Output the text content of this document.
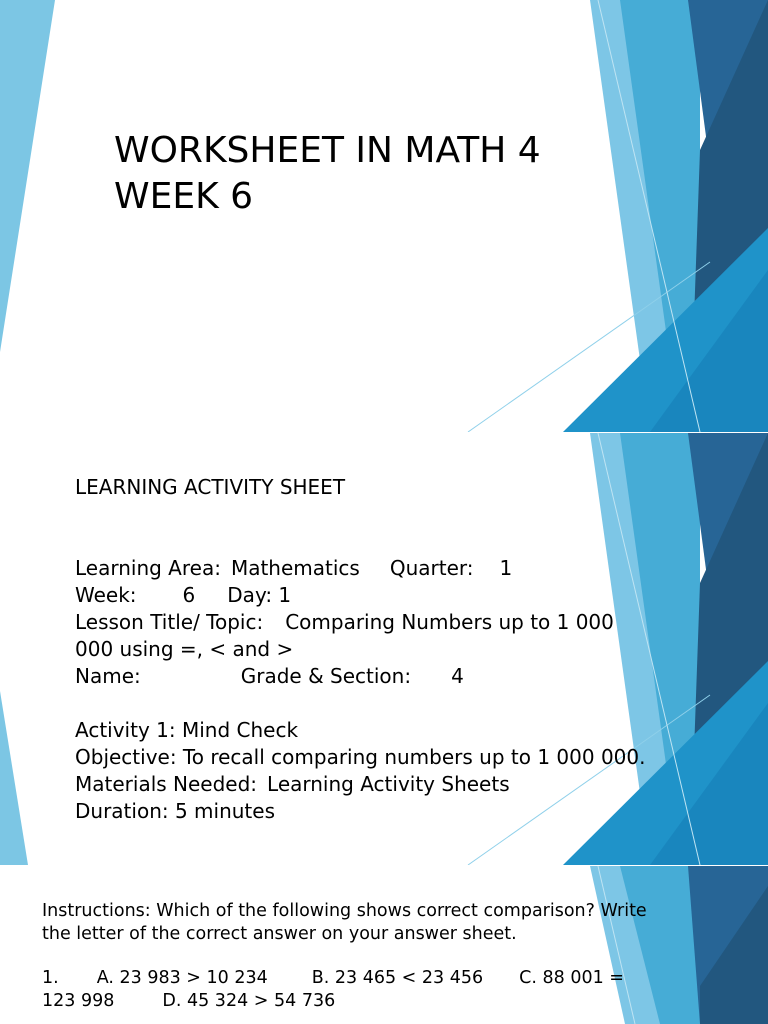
WORKSHEET IN MATH 4
WEEK 6
LEARNING ACTIVITY SHEET
Learning Area: Mathematics Quarter: 1
Week: 6 Day: 1
Lesson Title/ Topic: Comparing Numbers up to 1 000
000 using =, < and >
Name:	Grade & Section: 4
Activity 1: Mind Check
Objective: To recall comparing numbers up to 1 000 000.
Materials Needed: Learning Activity Sheets
Duration: 5 minutes
Instructions: Which of the following shows correct comparison? Write
the letter of the correct answer on your answer sheet.
1. A. 23 983 > 10 234	B. 23 465 < 23 456 C. 88 001 =
123 998	D. 45 324 > 54 736
